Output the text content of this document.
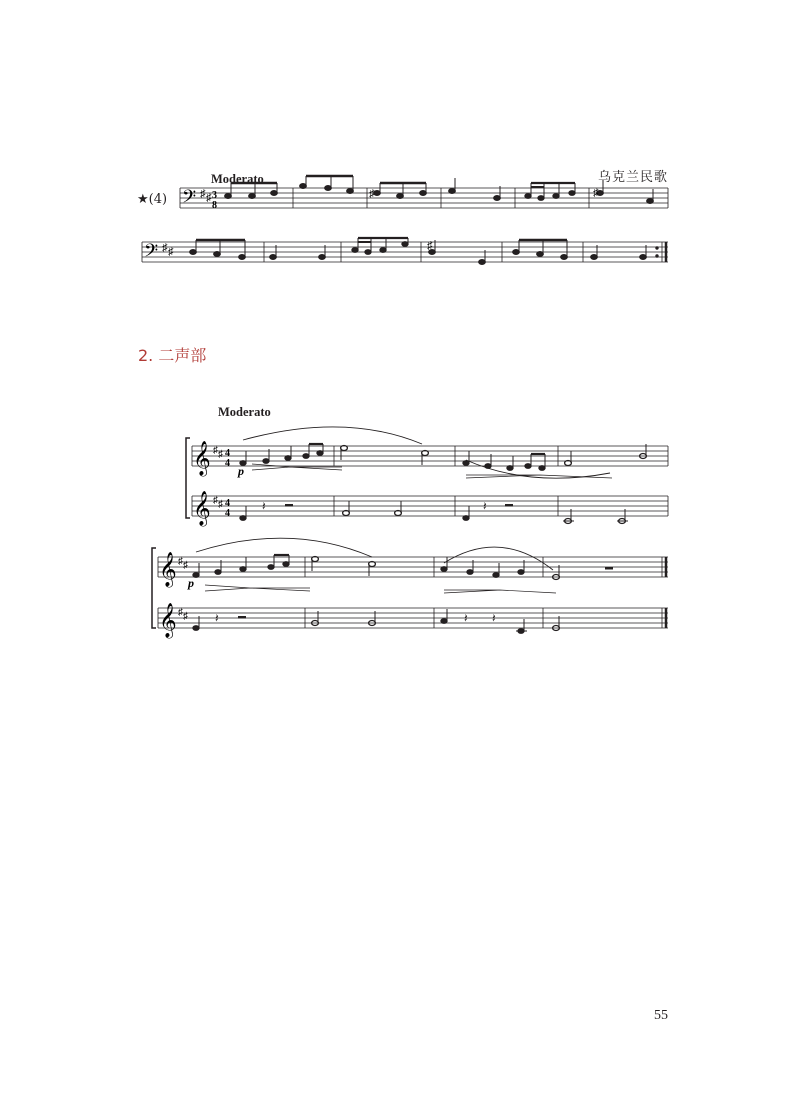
Moderato	乌克兰民歌
★(4) 𝄢 ♯ ♯ 3
8
♯	♯
𝄢 ♯ ♯	♯
2. 二声部
Moderato
𝄞
𝄞
♯ ♯
♯ ♯
4
4
4
4
p
𝄽	𝄽
𝄞
𝄞
♯ ♯
♯ ♯
p
𝄽	𝄽 𝄽
55
